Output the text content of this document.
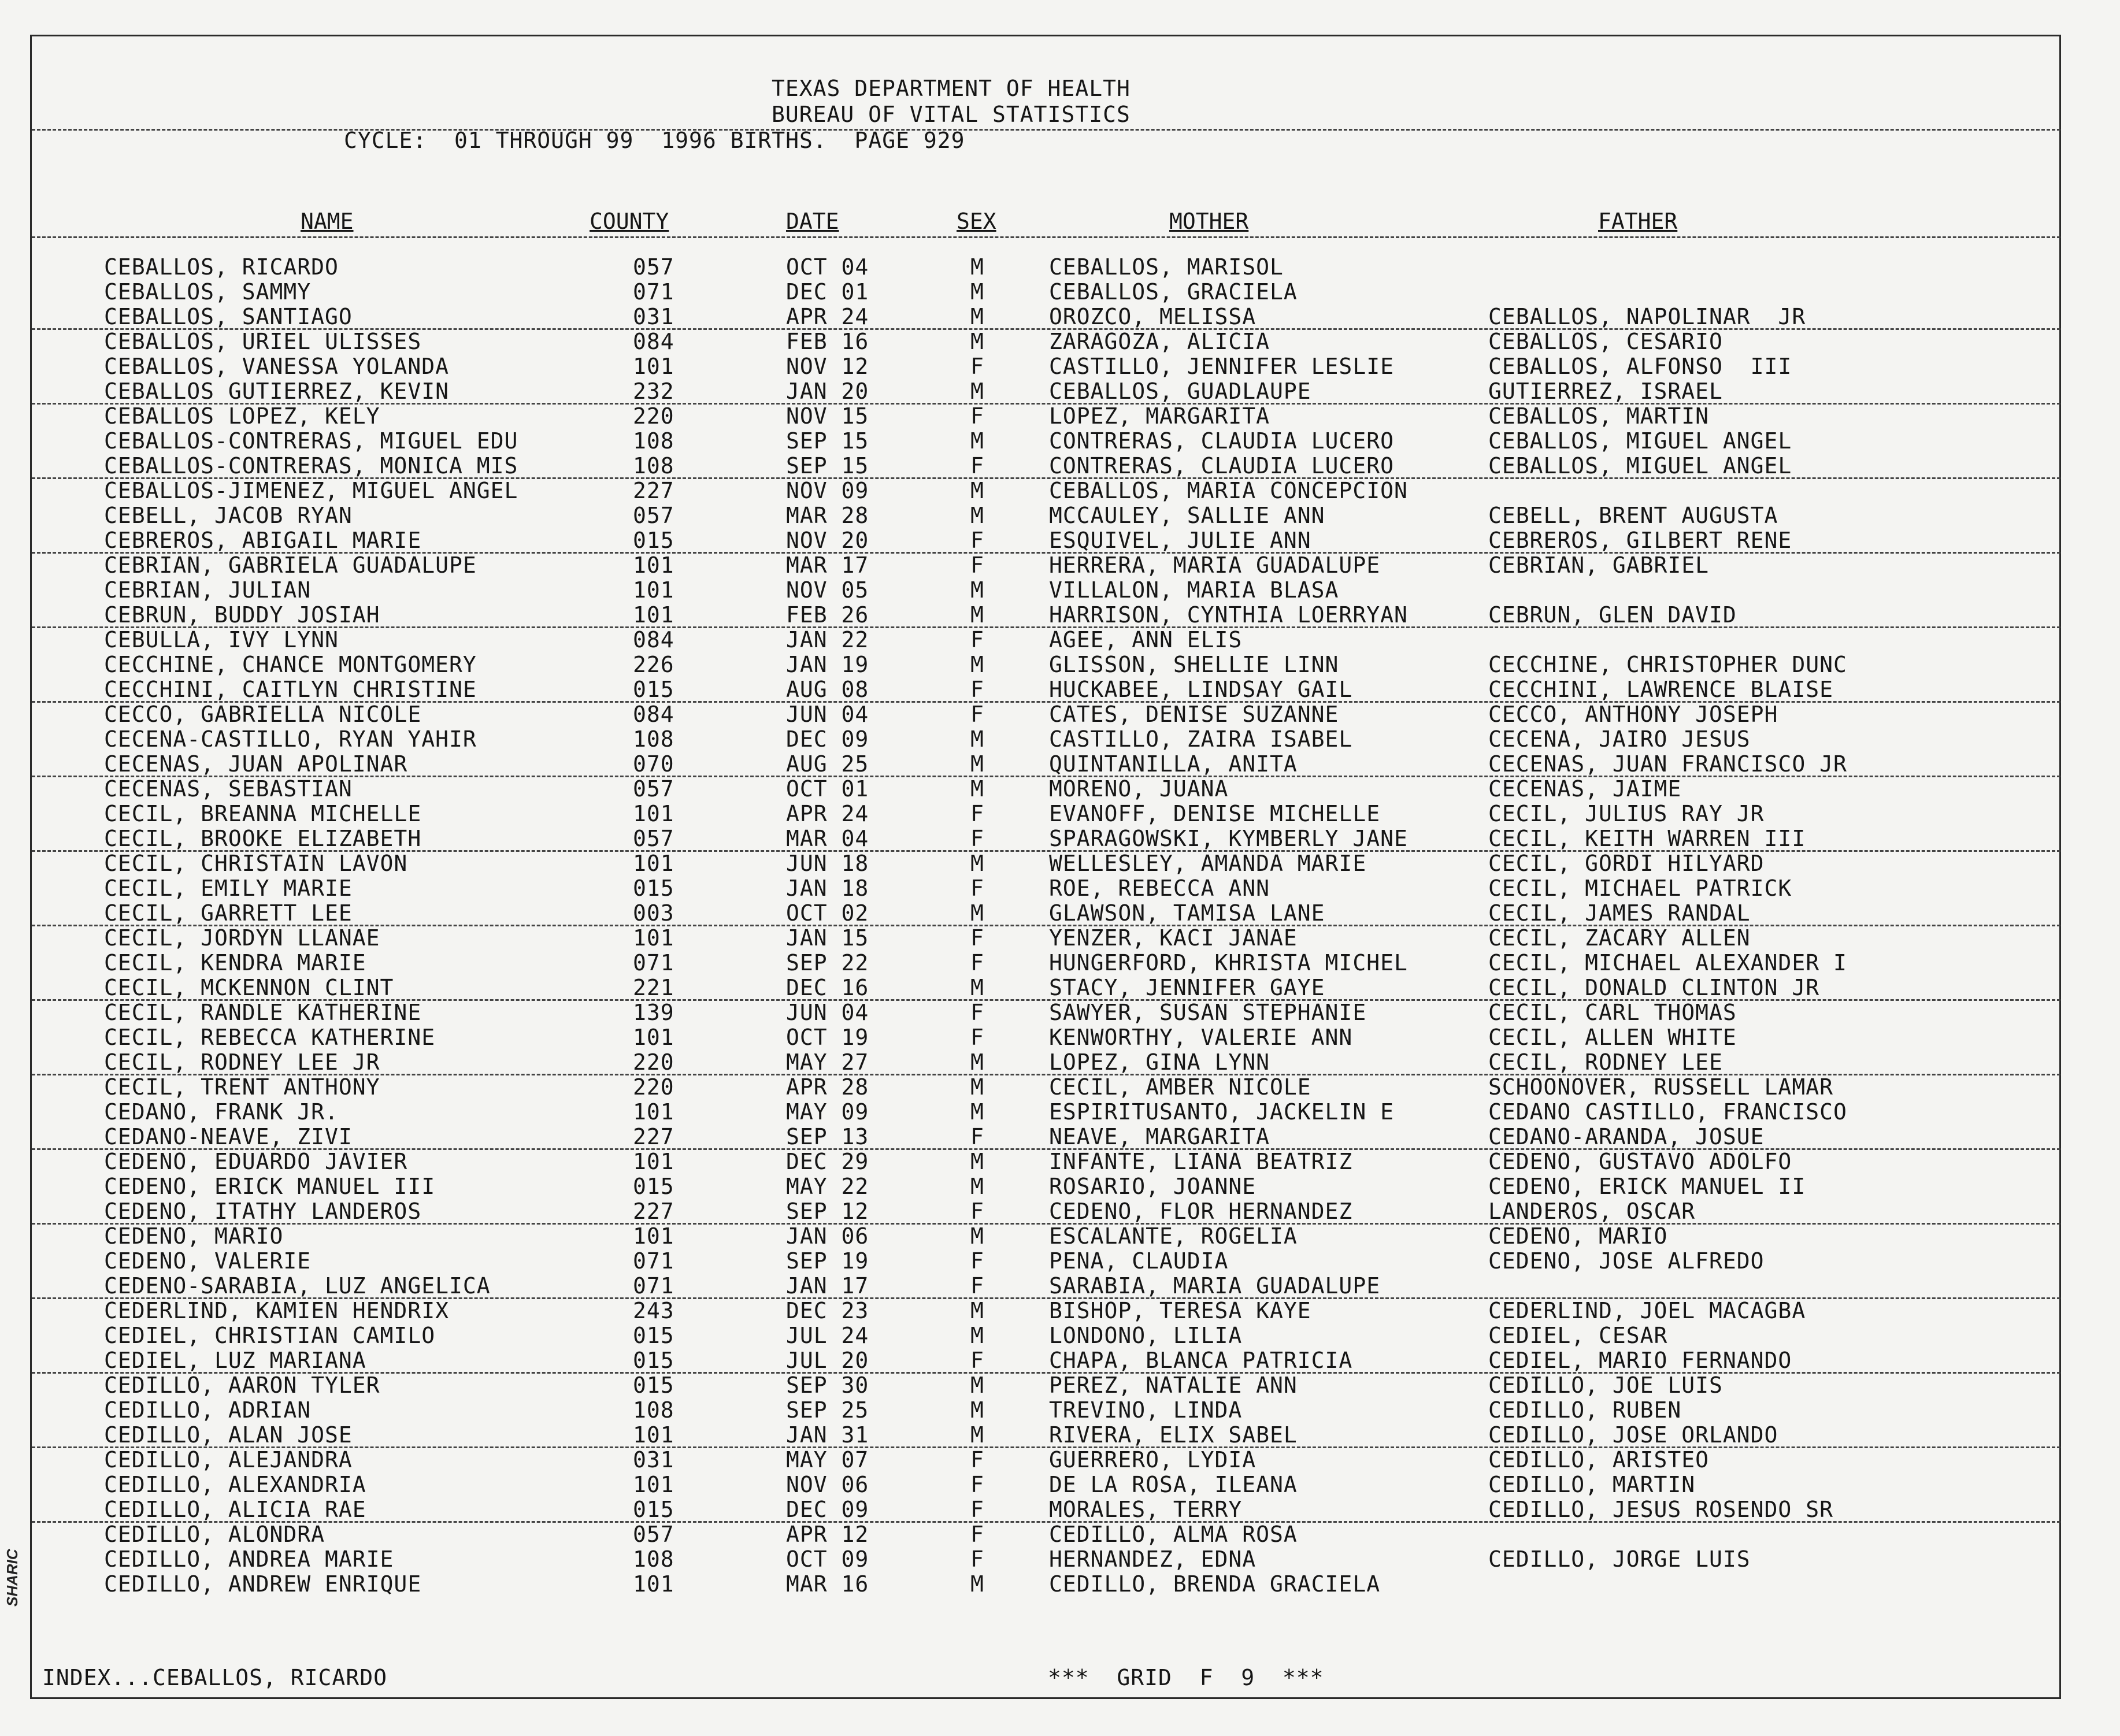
TEXAS DEPARTMENT OF HEALTH
BUREAU OF VITAL STATISTICS
CYCLE:  01 THROUGH 99  1996 BIRTHS.  PAGE 929
NAME	COUNTY	DATE	SEX	MOTHER	FATHER
CEBALLOS, RICARDO	057	OCT 04	M	CEBALLOS, MARISOL
CEBALLOS, SAMMY	071	DEC 01	M	CEBALLOS, GRACIELA
CEBALLOS, SANTIAGO	031	APR 24	M	OROZCO, MELISSA	CEBALLOS, NAPOLINAR  JR
CEBALLOS, URIEL ULISSES	084	FEB 16	M	ZARAGOZA, ALICIA	CEBALLOS, CESARIO
CEBALLOS, VANESSA YOLANDA	101	NOV 12	F	CASTILLO, JENNIFER LESLIE	CEBALLOS, ALFONSO  III
CEBALLOS GUTIERREZ, KEVIN	232	JAN 20	M	CEBALLOS, GUADLAUPE	GUTIERREZ, ISRAEL
CEBALLOS LOPEZ, KELY	220	NOV 15	F	LOPEZ, MARGARITA	CEBALLOS, MARTIN
CEBALLOS-CONTRERAS, MIGUEL EDU	108	SEP 15	M	CONTRERAS, CLAUDIA LUCERO	CEBALLOS, MIGUEL ANGEL
CEBALLOS-CONTRERAS, MONICA MIS	108	SEP 15	F	CONTRERAS, CLAUDIA LUCERO	CEBALLOS, MIGUEL ANGEL
CEBALLOS-JIMENEZ, MIGUEL ANGEL	227	NOV 09	M	CEBALLOS, MARIA CONCEPCION
CEBELL, JACOB RYAN	057	MAR 28	M	MCCAULEY, SALLIE ANN	CEBELL, BRENT AUGUSTA
CEBREROS, ABIGAIL MARIE	015	NOV 20	F	ESQUIVEL, JULIE ANN	CEBREROS, GILBERT RENE
CEBRIAN, GABRIELA GUADALUPE	101	MAR 17	F	HERRERA, MARIA GUADALUPE	CEBRIAN, GABRIEL
CEBRIAN, JULIAN	101	NOV 05	M	VILLALON, MARIA BLASA
CEBRUN, BUDDY JOSIAH	101	FEB 26	M	HARRISON, CYNTHIA LOERRYAN	CEBRUN, GLEN DAVID
CEBULLA, IVY LYNN	084	JAN 22	F	AGEE, ANN ELIS
CECCHINE, CHANCE MONTGOMERY	226	JAN 19	M	GLISSON, SHELLIE LINN	CECCHINE, CHRISTOPHER DUNC
CECCHINI, CAITLYN CHRISTINE	015	AUG 08	F	HUCKABEE, LINDSAY GAIL	CECCHINI, LAWRENCE BLAISE
CECCO, GABRIELLA NICOLE	084	JUN 04	F	CATES, DENISE SUZANNE	CECCO, ANTHONY JOSEPH
CECENA-CASTILLO, RYAN YAHIR	108	DEC 09	M	CASTILLO, ZAIRA ISABEL	CECENA, JAIRO JESUS
CECENAS, JUAN APOLINAR	070	AUG 25	M	QUINTANILLA, ANITA	CECENAS, JUAN FRANCISCO JR
CECENAS, SEBASTIAN	057	OCT 01	M	MORENO, JUANA	CECENAS, JAIME
CECIL, BREANNA MICHELLE	101	APR 24	F	EVANOFF, DENISE MICHELLE	CECIL, JULIUS RAY JR
CECIL, BROOKE ELIZABETH	057	MAR 04	F	SPARAGOWSKI, KYMBERLY JANE	CECIL, KEITH WARREN III
CECIL, CHRISTAIN LAVON	101	JUN 18	M	WELLESLEY, AMANDA MARIE	CECIL, GORDI HILYARD
CECIL, EMILY MARIE	015	JAN 18	F	ROE, REBECCA ANN	CECIL, MICHAEL PATRICK
CECIL, GARRETT LEE	003	OCT 02	M	GLAWSON, TAMISA LANE	CECIL, JAMES RANDAL
CECIL, JORDYN LLANAE	101	JAN 15	F	YENZER, KACI JANAE	CECIL, ZACARY ALLEN
CECIL, KENDRA MARIE	071	SEP 22	F	HUNGERFORD, KHRISTA MICHEL	CECIL, MICHAEL ALEXANDER I
CECIL, MCKENNON CLINT	221	DEC 16	M	STACY, JENNIFER GAYE	CECIL, DONALD CLINTON JR
CECIL, RANDLE KATHERINE	139	JUN 04	F	SAWYER, SUSAN STEPHANIE	CECIL, CARL THOMAS
CECIL, REBECCA KATHERINE	101	OCT 19	F	KENWORTHY, VALERIE ANN	CECIL, ALLEN WHITE
CECIL, RODNEY LEE JR	220	MAY 27	M	LOPEZ, GINA LYNN	CECIL, RODNEY LEE
CECIL, TRENT ANTHONY	220	APR 28	M	CECIL, AMBER NICOLE	SCHOONOVER, RUSSELL LAMAR
CEDANO, FRANK JR.	101	MAY 09	M	ESPIRITUSANTO, JACKELIN E	CEDANO CASTILLO, FRANCISCO
CEDANO-NEAVE, ZIVI	227	SEP 13	F	NEAVE, MARGARITA	CEDANO-ARANDA, JOSUE
CEDENO, EDUARDO JAVIER	101	DEC 29	M	INFANTE, LIANA BEATRIZ	CEDENO, GUSTAVO ADOLFO
CEDENO, ERICK MANUEL III	015	MAY 22	M	ROSARIO, JOANNE	CEDENO, ERICK MANUEL II
CEDENO, ITATHY LANDEROS	227	SEP 12	F	CEDENO, FLOR HERNANDEZ	LANDEROS, OSCAR
CEDENO, MARIO	101	JAN 06	M	ESCALANTE, ROGELIA	CEDENO, MARIO
CEDENO, VALERIE	071	SEP 19	F	PENA, CLAUDIA	CEDENO, JOSE ALFREDO
CEDENO-SARABIA, LUZ ANGELICA	071	JAN 17	F	SARABIA, MARIA GUADALUPE
CEDERLIND, KAMIEN HENDRIX	243	DEC 23	M	BISHOP, TERESA KAYE	CEDERLIND, JOEL MACAGBA
CEDIEL, CHRISTIAN CAMILO	015	JUL 24	M	LONDONO, LILIA	CEDIEL, CESAR
CEDIEL, LUZ MARIANA	015	JUL 20	F	CHAPA, BLANCA PATRICIA	CEDIEL, MARIO FERNANDO
CEDILLO, AARON TYLER	015	SEP 30	M	PEREZ, NATALIE ANN	CEDILLO, JOE LUIS
CEDILLO, ADRIAN	108	SEP 25	M	TREVINO, LINDA	CEDILLO, RUBEN
CEDILLO, ALAN JOSE	101	JAN 31	M	RIVERA, ELIX SABEL	CEDILLO, JOSE ORLANDO
CEDILLO, ALEJANDRA	031	MAY 07	F	GUERRERO, LYDIA	CEDILLO, ARISTEO
CEDILLO, ALEXANDRIA	101	NOV 06	F	DE LA ROSA, ILEANA	CEDILLO, MARTIN
CEDILLO, ALICIA RAE	015	DEC 09	F	MORALES, TERRY	CEDILLO, JESUS ROSENDO SR
CEDILLO, ALONDRA	057	APR 12	F	CEDILLO, ALMA ROSA
CEDILLO, ANDREA MARIE	108	OCT 09	F	HERNANDEZ, EDNA	CEDILLO, JORGE LUIS
CEDILLO, ANDREW ENRIQUE	101	MAR 16	M	CEDILLO, BRENDA GRACIELA
INDEX...CEBALLOS, RICARDO	***  GRID  F  9  ***
SHARIC
